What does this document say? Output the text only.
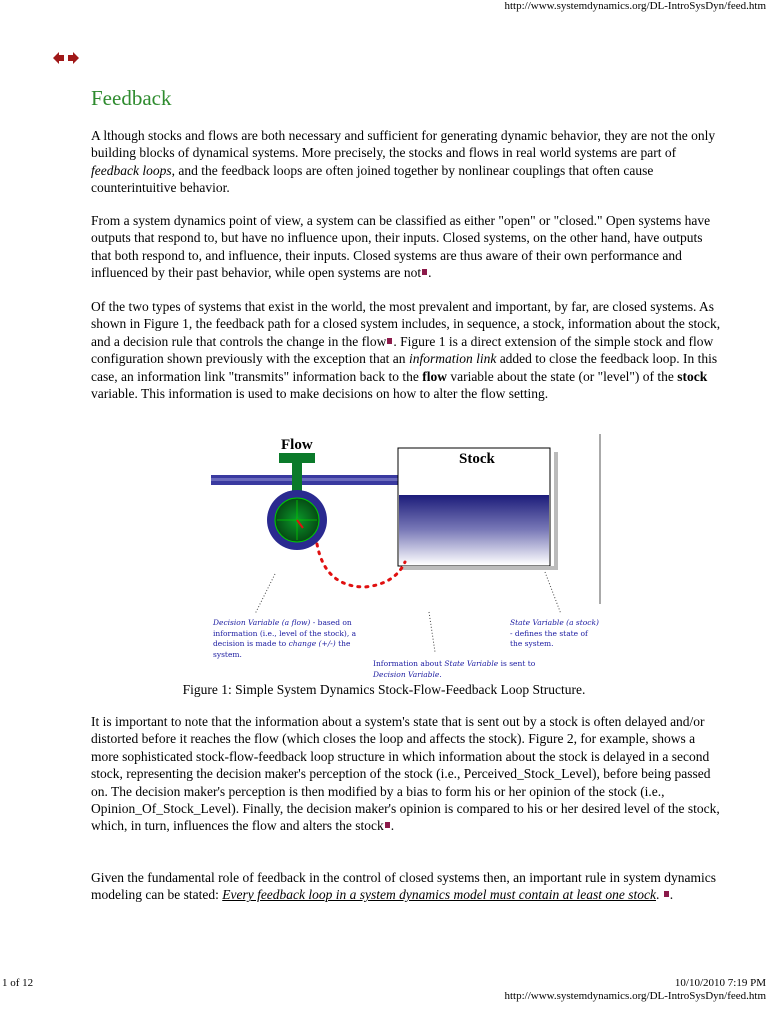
http://www.systemdynamics.org/DL-IntroSysDyn/feed.htm
Feedback

A lthough stocks and flows are both necessary and sufficient for generating dynamic behavior, they are not the only building blocks of dynamical systems. More precisely, the stocks and flows in real world systems are part of feedback loops, and the feedback loops are often joined together by nonlinear couplings that often cause counterintuitive behavior.

From a system dynamics point of view, a system can be classified as either "open" or "closed." Open systems have outputs that respond to, but have no influence upon, their inputs. Closed systems, on the other hand, have outputs that both respond to, and influence, their inputs. Closed systems are thus aware of their own performance and influenced by their past behavior, while open systems are not .

Of the two types of systems that exist in the world, the most prevalent and important, by far, are closed systems. As shown in Figure 1, the feedback path for a closed system includes, in sequence, a stock, information about the stock, and a decision rule that controls the change in the flow . Figure 1 is a direct extension of the simple stock and flow configuration shown previously with the exception that an information link added to close the feedback loop. In this case, an information link "transmits" information back to the flow variable about the state (or "level") of the stock variable. This information is used to make decisions on how to alter the flow setting.

Stock
Flow
Decision Variable (a flow) - based on information (i.e., level of the stock), a decision is made to change (+/-) the system.
Information about State Variable is sent to Decision Variable.
State Variable (a stock) - defines the state of the system.
Figure 1: Simple System Dynamics Stock-Flow-Feedback Loop Structure.

It is important to note that the information about a system's state that is sent out by a stock is often delayed and/or distorted before it reaches the flow (which closes the loop and affects the stock). Figure 2, for example, shows a more sophisticated stock-flow-feedback loop structure in which information about the stock is delayed in a second stock, representing the decision maker's perception of the stock (i.e., Perceived_Stock_Level), before being passed on. The decision maker's perception is then modified by a bias to form his or her opinion of the stock (i.e., Opinion_Of_Stock_Level). Finally, the decision maker's opinion is compared to his or her desired level of the stock, which, in turn, influences the flow and alters the stock .

Given the fundamental role of feedback in the control of closed systems then, an important rule in system dynamics modeling can be stated: Every feedback loop in a system dynamics model must contain at least one stock. .

1 of 12	10/10/2010 7:19 PM
http://www.systemdynamics.org/DL-IntroSysDyn/feed.htm
